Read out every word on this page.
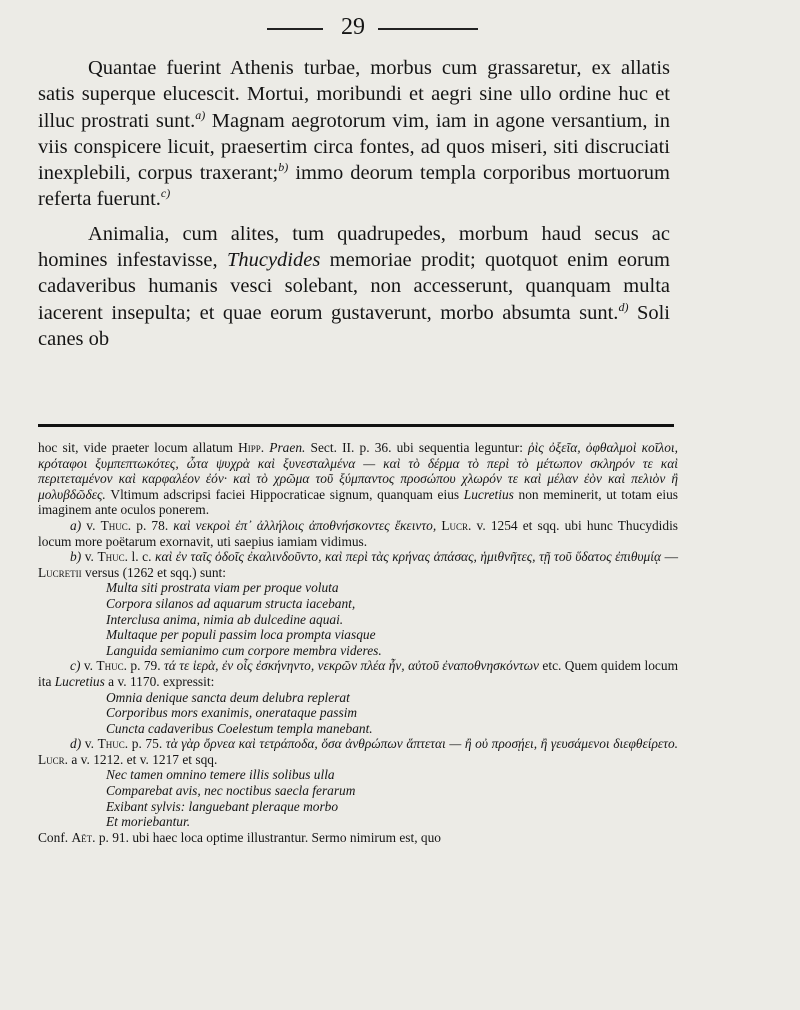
29

Quantae fuerint Athenis turbae, morbus cum grassaretur, ex allatis satis superque elucescit. Mortui, moribundi et aegri sine ullo ordine huc et illuc prostrati sunt.$^{a)}$ Magnam aegrotorum vim, iam in agone versantium, in viis conspicere licuit, praesertim circa fontes, ad quos miseri, siti discruciati inexplebili, corpus traxerant;$^{b)}$ immo deorum templa corporibus mortuorum referta fuerunt.$^{c)}$

Animalia, cum alites, tum quadrupedes, morbum haud secus ac homines infestavisse, Thucydides memoriae prodit; quotquot enim eorum cadaveribus humanis vesci solebant, non accesserunt, quanquam multa iacerent insepulta; et quae eorum gustaverunt, morbo absumta sunt.$^{d)}$ Soli canes ob

hoc sit, vide praeter locum allatum Hipp. Praen. Sect. II. p. 36. ubi sequentia leguntur: ῥὶς ὀξεῖα, ὀφθαλμοὶ κοῖλοι, κρόταφοι ξυμπεπτωκότες, ὦτα ψυχρὰ καὶ ξυνεσταλμένα — καὶ τὸ δέρμα τὸ περὶ τὸ μέτωπον σκληρόν τε καὶ περιτεταμένον καὶ καρφαλέον ἐόν· καὶ τὸ χρῶμα τοῦ ξύμπαντος προσώπου χλωρόν τε καὶ μέλαν ἐὸν καὶ πελιὸν ἢ μολυβδῶδες. Vltimum adscripsi faciei Hippocraticae signum, quanquam eius Lucretius non meminerit, ut totam eius imaginem ante oculos ponerem.

a) v. Thuc. p. 78. καὶ νεκροὶ ἐπ᾽ ἀλλήλοις ἀποθνήσκοντες ἔκειντο, Lucr. v. 1254 et sqq. ubi hunc Thucydidis locum more poëtarum exornavit, uti saepius iamiam vidimus.

b) v. Thuc. l. c. καὶ ἐν ταῖς ὁδοῖς ἐκαλινδοῦντο, καὶ περὶ τὰς κρήνας ἁπάσας, ἡμιθνῆτες, τῇ τοῦ ὕδατος ἐπιθυμίᾳ — Lucretii versus (1262 et sqq.) sunt:

Multa siti prostrata viam per proque voluta
Corpora silanos ad aquarum structa iacebant,
Interclusa anima, nimia ab dulcedine aquai.
Multaque per populi passim loca prompta viasque
Languida semianimo cum corpore membra videres.

c) v. Thuc. p. 79. τά τε ἱερὰ, ἐν οἷς ἐσκήνηντο, νεκρῶν πλέα ἦν, αὐτοῦ ἐναποθνησκόντων etc. Quem quidem locum ita Lucretius a v. 1170. expressit:

Omnia denique sancta deum delubra replerat
Corporibus mors exanimis, onerataque passim
Cuncta cadaveribus Coelestum templa manebant.

d) v. Thuc. p. 75. τὰ γὰρ ὄρνεα καὶ τετράποδα, ὅσα ἀνθρώπων ἅπτεται — ἢ οὐ προσῄει, ἢ γευσάμενοι διεφθείρετο. Lucr. a v. 1212. et v. 1217 et sqq.

Nec tamen omnino temere illis solibus ulla
Comparebat avis, nec noctibus saecla ferarum
Exibant sylvis: languebant pleraque morbo
Et moriebantur.

Conf. Aët. p. 91. ubi haec loca optime illustrantur. Sermo nimirum est, quo
